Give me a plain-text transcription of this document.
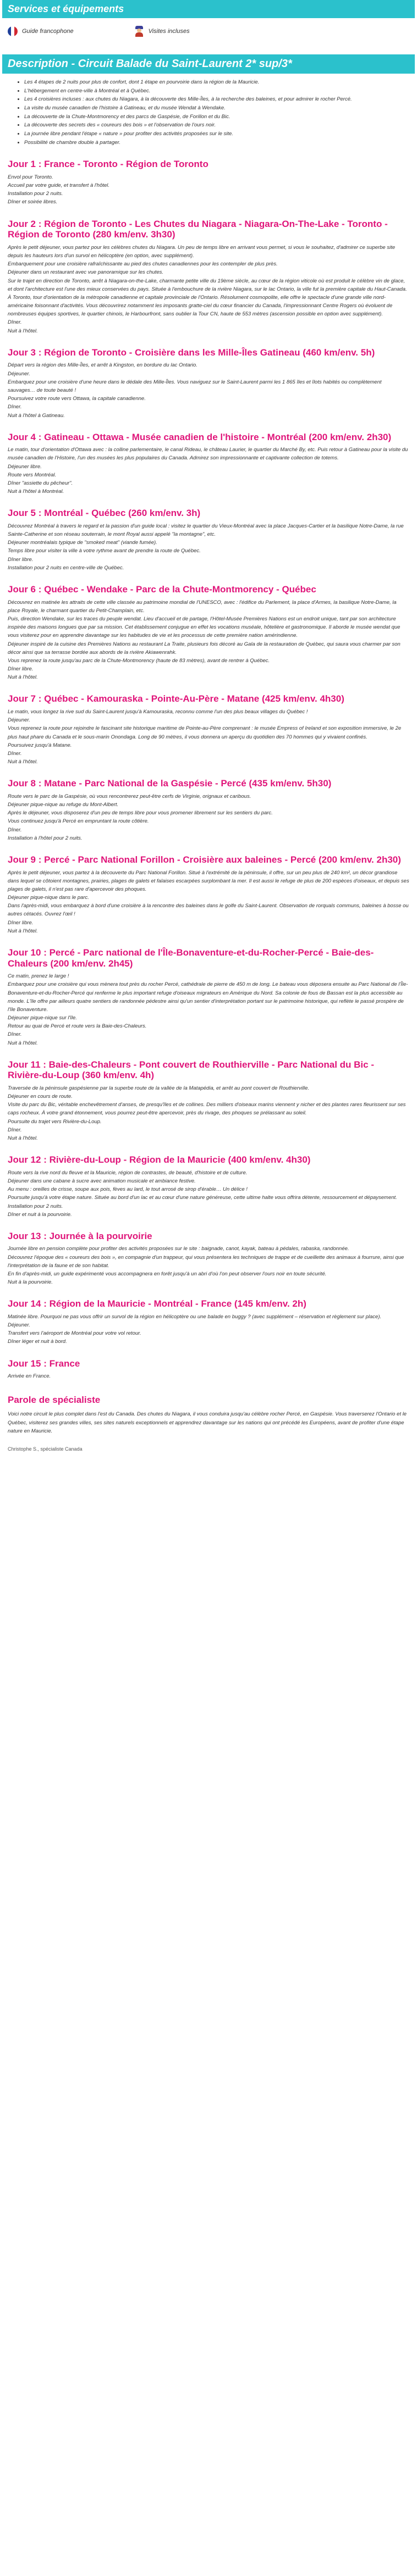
Services et équipements
Guide francophone	Visites incluses
Description - Circuit Balade du Saint-Laurent 2* sup/3*
• Les 4 étapes de 2 nuits pour plus de confort, dont 1 étape en pourvoirie dans la région de la Mauricie.
• L'hébergement en centre-ville à Montréal et à Québec.
• Les 4 croisières incluses : aux chutes du Niagara, à la découverte des Mille-Îles, à la recherche des baleines, et pour admirer le rocher Percé.
• La visite du musée canadien de l'histoire à Gatineau, et du musée Wendat à Wendake.
• La découverte de la Chute-Montmorency et des parcs de Gaspésie, de Forillon et du Bic.
• La découverte des secrets des « coureurs des bois » et l'observation de l'ours noir.
• La journée libre pendant l'étape « nature » pour profiter des activités proposées sur le site.
• Possibilité de chambre double à partager.
Jour 1 : France - Toronto - Région de Toronto

Envol pour Toronto.

Accueil par votre guide, et transfert à l'hôtel.

Installation pour 2 nuits.

Dîner et soirée libres.

Jour 2 : Région de Toronto - Les Chutes du Niagara - Niagara-On-The-Lake - Toronto - Région de Toronto (280 km/env. 3h30)

Après le petit déjeuner, vous partez pour les célèbres chutes du Niagara. Un peu de temps libre en arrivant vous permet, si vous le souhaitez, d'admirer ce superbe site depuis les hauteurs lors d'un survol en hélicoptère (en option, avec supplément).

Embarquement pour une croisière rafraîchissante au pied des chutes canadiennes pour les contempler de plus près.

Déjeuner dans un restaurant avec vue panoramique sur les chutes.

Sur le trajet en direction de Toronto, arrêt à Niagara-on-the-Lake, charmante petite ville du 19ème siècle, au cœur de la région viticole où est produit le célèbre vin de glace, et dont l'architecture est l'une des mieux conservées du pays. Située à l'embouchure de la rivière Niagara, sur le lac Ontario, la ville fut la première capitale du Haut-Canada.

À Toronto, tour d'orientation de la métropole canadienne et capitale provinciale de l'Ontario. Résolument cosmopolite, elle offre le spectacle d'une grande ville nord-américaine foisonnant d'activités. Vous découvrirez notamment les imposants gratte-ciel du cœur financier du Canada, l'impressionnant Centre Rogers où évoluent de nombreuses équipes sportives, le quartier chinois, le Harbourfront, sans oublier la Tour CN, haute de 553 mètres (ascension possible en option avec supplément).

Dîner.

Nuit à l'hôtel.

Jour 3 : Région de Toronto - Croisière dans les Mille-Îles Gatineau (460 km/env. 5h)

Départ vers la région des Mille-Îles, et arrêt à Kingston, en bordure du lac Ontario.

Déjeuner.

Embarquez pour une croisière d'une heure dans le dédale des Mille-Îles. Vous naviguez sur le Saint-Laurent parmi les 1 865 îles et îlots habités ou complètement sauvages… de toute beauté !

Poursuivez votre route vers Ottawa, la capitale canadienne.

Dîner.

Nuit à l'hôtel à Gatineau.

Jour 4 : Gatineau - Ottawa - Musée canadien de l'histoire - Montréal (200 km/env. 2h30)

Le matin, tour d'orientation d'Ottawa avec : la colline parlementaire, le canal Rideau, le château Laurier, le quartier du Marché By, etc. Puis retour à Gatineau pour la visite du musée canadien de l'Histoire, l'un des musées les plus populaires du Canada. Admirez son impressionnante et captivante collection de totems.

Déjeuner libre.

Route vers Montréal.

Dîner "assiette du pêcheur".

Nuit à l'hôtel à Montréal.

Jour 5 : Montréal - Québec (260 km/env. 3h)

Découvrez Montréal à travers le regard et la passion d'un guide local : visitez le quartier du Vieux-Montréal avec la place Jacques-Cartier et la basilique Notre-Dame, la rue Sainte-Catherine et son réseau souterrain, le mont Royal aussi appelé "la montagne", etc.

Déjeuner montréalais typique de "smoked meat" (viande fumée).

Temps libre pour visiter la ville à votre rythme avant de prendre la route de Québec.

Dîner libre.

Installation pour 2 nuits en centre-ville de Québec.

Jour 6 : Québec - Wendake - Parc de la Chute-Montmorency - Québec

Découvrez en matinée les attraits de cette ville classée au patrimoine mondial de l'UNESCO, avec : l'édifice du Parlement, la place d'Armes, la basilique Notre-Dame, la place Royale, le charmant quartier du Petit-Champlain, etc.

Puis, direction Wendake, sur les traces du peuple wendat. Lieu d'accueil et de partage, l'Hôtel-Musée Premières Nations est un endroit unique, tant par son architecture inspirée des maisons longues que par sa mission. Cet établissement conjugue en effet les vocations muséale, hôtelière et gastronomique. Il aborde le musée wendat que vous visiterez pour en apprendre davantage sur les habitudes de vie et les processus de cette première nation amérindienne.

Déjeuner inspiré de la cuisine des Premières Nations au restaurant La Traite, plusieurs fois décoré au Gala de la restauration de Québec, qui saura vous charmer par son décor ainsi que sa terrasse bordée aux abords de la rivière Akiawenrahk.

Vous reprenez la route jusqu'au parc de la Chute-Montmorency (haute de 83 mètres), avant de rentrer à Québec.

Dîner libre.

Nuit à l'hôtel.

Jour 7 : Québec - Kamouraska - Pointe-Au-Père - Matane (425 km/env. 4h30)

Le matin, vous longez la rive sud du Saint-Laurent jusqu'à Kamouraska, reconnu comme l'un des plus beaux villages du Québec !

Déjeuner.

Vous reprenez la route pour rejoindre le fascinant site historique maritime de Pointe-au-Père comprenant : le musée Empress of Ireland et son exposition immersive, le 2e plus haut phare du Canada et le sous-marin Onondaga. Long de 90 mètres, il vous donnera un aperçu du quotidien des 70 hommes qui y vivaient confinés.

Poursuivez jusqu'à Matane.

Dîner.

Nuit à l'hôtel.

Jour 8 : Matane - Parc National de la Gaspésie - Percé (435 km/env. 5h30)

Route vers le parc de la Gaspésie, où vous rencontrerez peut-être cerfs de Virginie, orignaux et caribous.

Déjeuner pique-nique au refuge du Mont-Albert.

Après le déjeuner, vous disposerez d'un peu de temps libre pour vous promener librement sur les sentiers du parc.

Vous continuez jusqu'à Percé en empruntant la route côtière.

Dîner.

Installation à l'hôtel pour 2 nuits.

Jour 9 : Percé - Parc National Forillon - Croisière aux baleines - Percé (200 km/env. 2h30)

Après le petit déjeuner, vous partez à la découverte du Parc National Forillon. Situé à l'extrémité de la péninsule, il offre, sur un peu plus de 240 km², un décor grandiose dans lequel se côtoient montagnes, prairies, plages de galets et falaises escarpées surplombant la mer. Il est aussi le refuge de plus de 200 espèces d'oiseaux, et depuis ses plages de galets, il n'est pas rare d'apercevoir des phoques.

Déjeuner pique-nique dans le parc.

Dans l'après-midi, vous embarquez à bord d'une croisière à la rencontre des baleines dans le golfe du Saint-Laurent. Observation de rorquals communs, baleines à bosse ou autres cétacés. Ouvrez l'œil !

Dîner libre.

Nuit à l'hôtel.

Jour 10 : Percé - Parc national de l'Île-Bonaventure-et-du-Rocher-Percé - Baie-des-Chaleurs (200 km/env. 2h45)

Ce matin, prenez le large !

Embarquez pour une croisière qui vous mènera tout près du rocher Percé, cathédrale de pierre de 450 m de long. Le bateau vous déposera ensuite au Parc National de l'Île-Bonaventure-et-du-Rocher-Percé qui renferme le plus important refuge d'oiseaux migrateurs en Amérique du Nord. Sa colonie de fous de Bassan est la plus accessible au monde. L'île offre par ailleurs quatre sentiers de randonnée pédestre ainsi qu'un sentier d'interprétation portant sur le patrimoine historique, qui reflète le passé prospère de l'île Bonaventure.

Déjeuner pique-nique sur l'île.

Retour au quai de Percé et route vers la Baie-des-Chaleurs.

Dîner.

Nuit à l'hôtel.

Jour 11 : Baie-des-Chaleurs - Pont couvert de Routhierville - Parc National du Bic - Rivière-du-Loup (360 km/env. 4h)

Traversée de la péninsule gaspésienne par la superbe route de la vallée de la Matapédia, et arrêt au pont couvert de Routhierville.

Déjeuner en cours de route.

Visite du parc du Bic, véritable enchevêtrement d'anses, de presqu'îles et de collines. Des milliers d'oiseaux marins viennent y nicher et des plantes rares fleurissent sur ses caps rocheux. À votre grand étonnement, vous pourrez peut-être apercevoir, près du rivage, des phoques se prélassant au soleil.

Poursuite du trajet vers Rivière-du-Loup.

Dîner.

Nuit à l'hôtel.

Jour 12 : Rivière-du-Loup - Région de la Mauricie (400 km/env. 4h30)

Route vers la rive nord du fleuve et la Mauricie, région de contrastes, de beauté, d'histoire et de culture.

Déjeuner dans une cabane à sucre avec animation musicale et ambiance festive.

Au menu : oreilles de crisse, soupe aux pois, fèves au lard, le tout arrosé de sirop d'érable… Un délice !

Poursuite jusqu'à votre étape nature. Située au bord d'un lac et au cœur d'une nature généreuse, cette ultime halte vous offrira détente, ressourcement et dépaysement.

Installation pour 2 nuits.

Dîner et nuit à la pourvoirie.

Jour 13 : Journée à la pourvoirie

Journée libre en pension complète pour profiter des activités proposées sur le site : baignade, canot, kayak, bateau à pédales, rabaska, randonnée.

Découvrez l'époque des « coureurs des bois », en compagnie d'un trappeur, qui vous présentera les techniques de trappe et de cueillette des animaux à fourrure, ainsi que l'interprétation de la faune et de son habitat.

En fin d'après-midi, un guide expérimenté vous accompagnera en forêt jusqu'à un abri d'où l'on peut observer l'ours noir en toute sécurité.

Nuit à la pourvoirie.

Jour 14 : Région de la Mauricie - Montréal - France (145 km/env. 2h)

Matinée libre. Pourquoi ne pas vous offrir un survol de la région en hélicoptère ou une balade en buggy ? (avec supplément – réservation et règlement sur place).

Déjeuner.

Transfert vers l'aéroport de Montréal pour votre vol retour.

Dîner léger et nuit à bord.

Jour 15 : France

Arrivée en France.

Parole de spécialiste
Voici notre circuit le plus complet dans l'est du Canada. Des chutes du Niagara, il vous conduira jusqu'au célèbre rocher Percé, en Gaspésie. Vous traverserez l'Ontario et le Québec, visiterez ses grandes villes, ses sites naturels exceptionnels et apprendrez davantage sur les nations qui ont précédé les Européens, avant de profiter d'une étape nature en Mauricie.
Christophe S., spécialiste Canada
